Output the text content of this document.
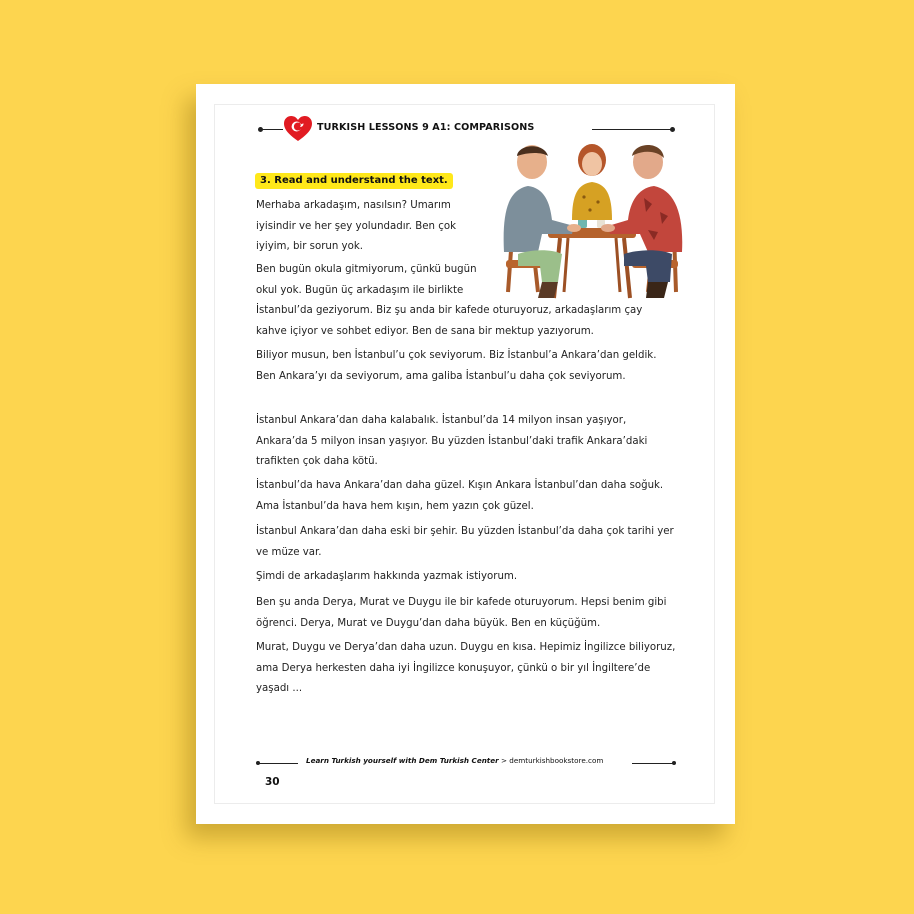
TURKISH LESSONS 9 A1: COMPARISONS
3. Read and understand the text.

Merhaba arkadaşım, nasılsın? Umarım iyisindir ve her şey yolundadır. Ben çok iyiyim, bir sorun yok.

Ben bugün okula gitmiyorum, çünkü bugün
okul yok. Bugün üç arkadaşım ile birlikte
İstanbul’da geziyorum. Biz şu anda bir kafede oturuyoruz, arkadaşlarım çay kahve içiyor ve sohbet ediyor. Ben de sana bir mektup yazıyorum.

Biliyor musun, ben İstanbul’u çok seviyorum. Biz İstanbul’a Ankara’dan geldik. Ben Ankara’yı da seviyorum, ama galiba İstanbul’u daha çok seviyorum.

İstanbul Ankara’dan daha kalabalık. İstanbul’da 14 milyon insan yaşıyor, Ankara’da 5 milyon insan yaşıyor. Bu yüzden İstanbul’daki trafik Ankara’daki trafikten çok daha kötü.

İstanbul’da hava Ankara’dan daha güzel. Kışın Ankara İstanbul’dan daha soğuk. Ama İstanbul’da hava hem kışın, hem yazın çok güzel.

İstanbul Ankara’dan daha eski bir şehir. Bu yüzden İstanbul’da daha çok tarihi yer ve müze var.

Şimdi de arkadaşlarım hakkında yazmak istiyorum.

Ben şu anda Derya, Murat ve Duygu ile bir kafede oturuyorum. Hepsi benim gibi öğrenci. Derya, Murat ve Duygu’dan daha büyük. Ben en küçüğüm.

Murat, Duygu ve Derya’dan daha uzun. Duygu en kısa. Hepimiz İngilizce biliyoruz, ama Derya herkesten daha iyi İngilizce konuşuyor, çünkü o bir yıl İngiltere’de yaşadı ...

Learn Turkish yourself with Dem Turkish Center > demturkishbookstore.com
30
